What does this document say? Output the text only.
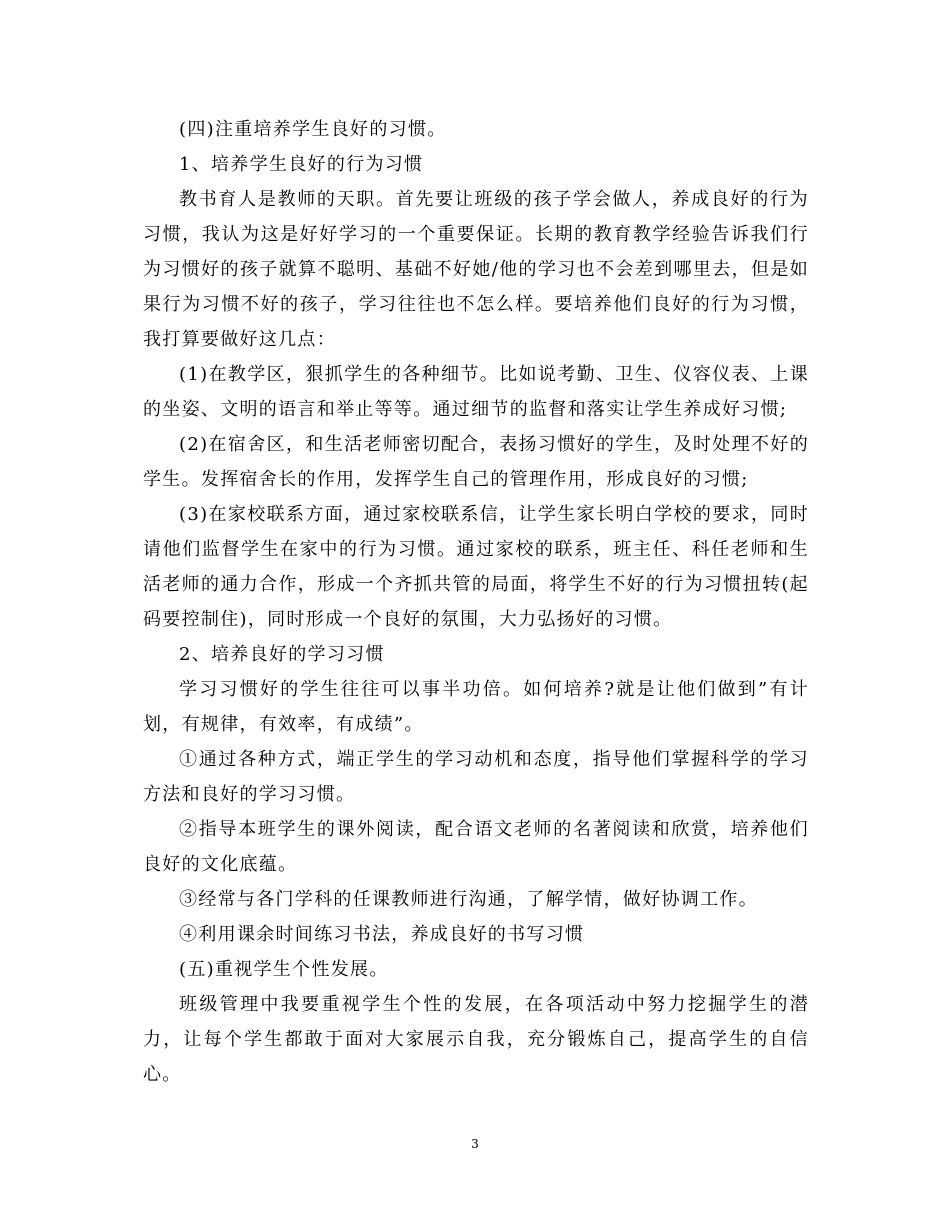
(四)注重培养学生良好的习惯。

1、培养学生良好的行为习惯

教书育人是教师的天职。首先要让班级的孩子学会做人，养成良好的行为习惯，我认为这是好好学习的一个重要保证。长期的教育教学经验告诉我们行为习惯好的孩子就算不聪明、基础不好她/他的学习也不会差到哪里去，但是如果行为习惯不好的孩子，学习往往也不怎么样。要培养他们良好的行为习惯，我打算要做好这几点：

(1)在教学区，狠抓学生的各种细节。比如说考勤、卫生、仪容仪表、上课的坐姿、文明的语言和举止等等。通过细节的监督和落实让学生养成好习惯;

(2)在宿舍区，和生活老师密切配合，表扬习惯好的学生，及时处理不好的学生。发挥宿舍长的作用，发挥学生自己的管理作用，形成良好的习惯;

(3)在家校联系方面，通过家校联系信，让学生家长明白学校的要求，同时请他们监督学生在家中的行为习惯。通过家校的联系，班主任、科任老师和生活老师的通力合作，形成一个齐抓共管的局面，将学生不好的行为习惯扭转(起码要控制住)，同时形成一个良好的氛围，大力弘扬好的习惯。

2、培养良好的学习习惯

学习习惯好的学生往往可以事半功倍。如何培养?就是让他们做到”有计划，有规律，有效率，有成绩”。

①通过各种方式，端正学生的学习动机和态度，指导他们掌握科学的学习方法和良好的学习习惯。

②指导本班学生的课外阅读，配合语文老师的名著阅读和欣赏，培养他们良好的文化底蕴。

③经常与各门学科的任课教师进行沟通，了解学情，做好协调工作。

④利用课余时间练习书法，养成良好的书写习惯

(五)重视学生个性发展。

班级管理中我要重视学生个性的发展，在各项活动中努力挖掘学生的潜力，让每个学生都敢于面对大家展示自我，充分锻炼自己，提高学生的自信心。

3
